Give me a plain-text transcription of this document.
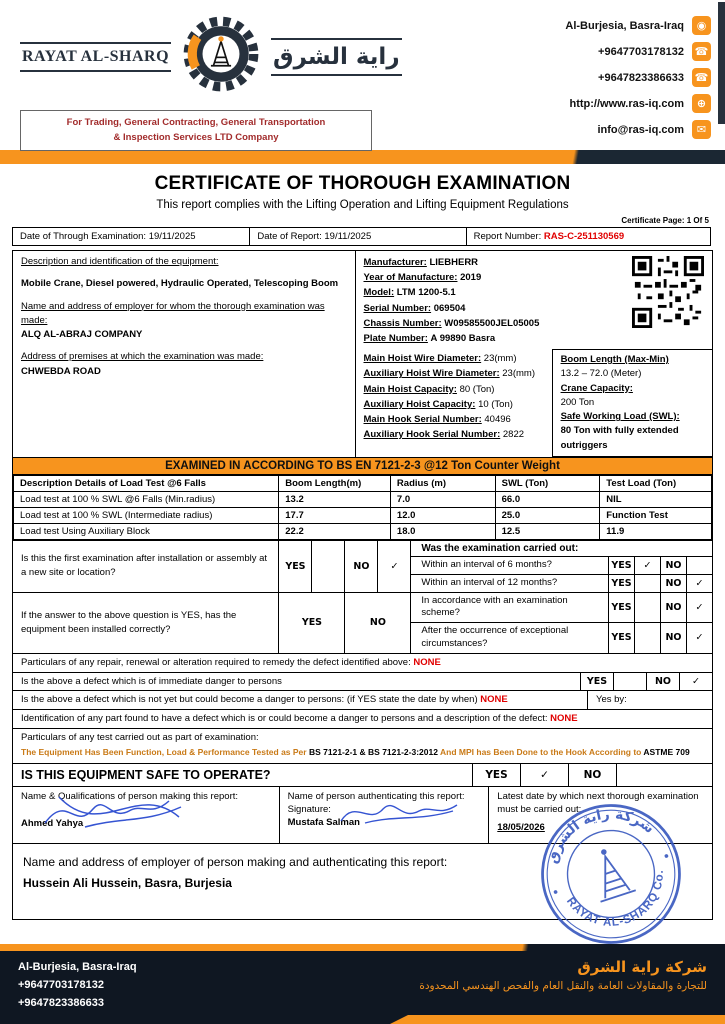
RAYAT AL-SHARQ	راية الشرق
For Trading, General Contracting, General Transportation
& Inspection Services LTD Company
Al-Burjesia, Basra-Iraq	◉
+9647703178132 ☎
+9647823386633 ☎
http://www.ras-iq.com	⊕
info@ras-iq.com	✉
CERTIFICATE OF THOROUGH EXAMINATION
This report complies with the Lifting Operation and Lifting Equipment Regulations
Certificate Page: 1 Of 5
Date of Through Examination: 19/11/2025	Date of Report: 19/11/2025	Report Number: RAS-C-251130569
Description and identification of the equipment:
Mobile Crane, Diesel powered, Hydraulic Operated, Telescoping Boom
Name and address of employer for whom the thorough examination was made:
ALQ AL-ABRAJ COMPANY
Address of premises at which the examination was made:
CHWEBDA ROAD
Manufacturer: LIEBHERR
Year of Manufacture: 2019
Model: LTM 1200-5.1
Serial Number: 069504
Chassis Number: W09585500JEL05005
Plate Number: A 99890 Basra
Main Hoist Wire Diameter: 23(mm)
Auxiliary Hoist Wire Diameter: 23(mm)
Main Hoist Capacity: 80 (Ton)
Auxiliary Hoist Capacity: 10 (Ton)
Main Hook Serial Number: 40496
Auxiliary Hook Serial Number: 2822
Boom Length (Max-Min)
13.2 – 72.0 (Meter)
Crane Capacity:
200 Ton
Safe Working Load (SWL):
80 Ton with fully extended outriggers
EXAMINED IN ACCORDING TO BS EN 7121-2-3 @12 Ton Counter Weight
Description Details of Load Test @6 Falls	Boom Length(m)	Radius (m)	SWL (Ton)	Test Load (Ton)
Load test at 100 % SWL @6 Falls (Min.radius)	13.2	7.0	66.0	NIL
Load test at 100 % SWL (Intermediate radius)	17.7	12.0	25.0	Function Test
Load test Using Auxiliary Block	22.2	18.0	12.5	11.9
Is this the first examination after installation or assembly at a new site or location?
YES	NO	✓
Was the examination carried out:
Within an interval of 6 months?	YES	✓	NO
Within an interval of 12 months?	YES	NO	✓
If the answer to the above question is YES, has the equipment been installed correctly?
YES	NO
In accordance with an examination scheme?	YES	NO	✓
After the occurrence of exceptional circumstances?	YES	NO	✓
Particulars of any repair, renewal or alteration required to remedy the defect identified above: NONE
Is the above a defect which is of immediate danger to persons	YES	NO	✓
Is the above a defect which is not yet but could become a danger to persons: (if YES state the date by when) NONE	Yes by:
Identification of any part found to have a defect which is or could become a danger to persons and a description of the defect: NONE
Particulars of any test carried out as part of examination:
The Equipment Has Been Function, Load & Performance Tested as Per BS 7121-2-1 & BS 7121-2-3:2012 And MPI has Been Done to the Hook According to ASTME 709
IS THIS EQUIPMENT SAFE TO OPERATE?	YES	✓	NO
Name & Qualifications of person making this report:
Ahmed Yahya
Name of person authenticating this report:
Signature:
Mustafa Salman
Latest date by which next thorough examination must be carried out:
18/05/2026
Name and address of employer of person making and authenticating this report:
Hussein Ali Hussein, Basra, Burjesia
شركة راية الشرق
RAYAT AL-SHARQ Co.
Al-Burjesia, Basra-Iraq
+9647703178132
+9647823386633
شركة راية الشرق
للتجارة والمقاولات العامة والنقل العام والفحص الهندسي المحدودة
